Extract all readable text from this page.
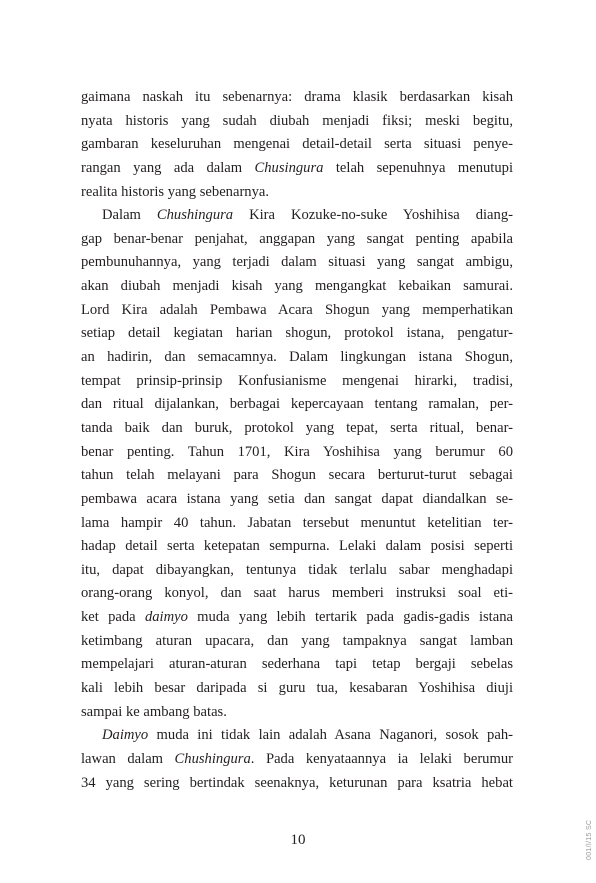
gaimana naskah itu sebenarnya: drama klasik berdasarkan kisah
nyata historis yang sudah diubah menjadi fiksi; meski begitu,
gambaran keseluruhan mengenai detail-detail serta situasi penye-
rangan yang ada dalam Chusingura telah sepenuhnya menutupi
realita historis yang sebenarnya.
Dalam Chushingura Kira Kozuke-no-suke Yoshihisa diang-
gap benar-benar penjahat, anggapan yang sangat penting apabila
pembunuhannya, yang terjadi dalam situasi yang sangat ambigu,
akan diubah menjadi kisah yang mengangkat kebaikan samurai.
Lord Kira adalah Pembawa Acara Shogun yang memperhatikan
setiap detail kegiatan harian shogun, protokol istana, pengatur-
an hadirin, dan semacamnya. Dalam lingkungan istana Shogun,
tempat prinsip-prinsip Konfusianisme mengenai hirarki, tradisi,
dan ritual dijalankan, berbagai kepercayaan tentang ramalan, per-
tanda baik dan buruk, protokol yang tepat, serta ritual, benar-
benar penting. Tahun 1701, Kira Yoshihisa yang berumur 60
tahun telah melayani para Shogun secara berturut-turut sebagai
pembawa acara istana yang setia dan sangat dapat diandalkan se-
lama hampir 40 tahun. Jabatan tersebut menuntut ketelitian ter-
hadap detail serta ketepatan sempurna. Lelaki dalam posisi seperti
itu, dapat dibayangkan, tentunya tidak terlalu sabar menghadapi
orang-orang konyol, dan saat harus memberi instruksi soal eti-
ket pada daimyo muda yang lebih tertarik pada gadis-gadis istana
ketimbang aturan upacara, dan yang tampaknya sangat lamban
mempelajari aturan-aturan sederhana tapi tetap bergaji sebelas
kali lebih besar daripada si guru tua, kesabaran Yoshihisa diuji
sampai ke ambang batas.
Daimyo muda ini tidak lain adalah Asana Naganori, sosok pah-
lawan dalam Chushingura. Pada kenyataannya ia lelaki berumur
34 yang sering bertindak seenaknya, keturunan para ksatria hebat
10	001/I/15 SC
